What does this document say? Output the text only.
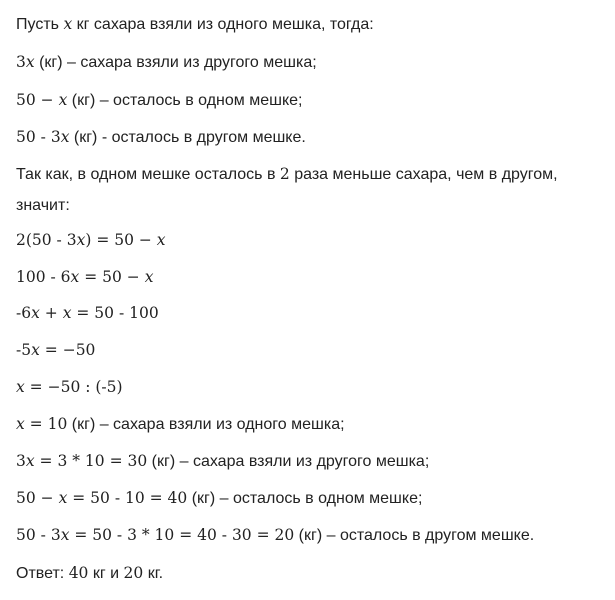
Пусть x кг сахара взяли из одного мешка, тогда:
3x (кг) – сахара взяли из другого мешка;
50 − x (кг) – осталось в одном мешке;
50 - 3x (кг) - осталось в другом мешке.
Так как, в одном мешке осталось в 2 раза меньше сахара, чем в другом,
значит:
2(50 - 3x) = 50 − x
100 - 6x = 50 − x
-6x + x = 50 - 100
-5x = −50
x = −50 : (-5)
x = 10 (кг) – сахара взяли из одного мешка;
3x = 3 * 10 = 30 (кг) – сахара взяли из другого мешка;
50 − x = 50 - 10 = 40 (кг) – осталось в одном мешке;
50 - 3x = 50 - 3 * 10 = 40 - 30 = 20 (кг) – осталось в другом мешке.
Ответ: 40 кг и 20 кг.
